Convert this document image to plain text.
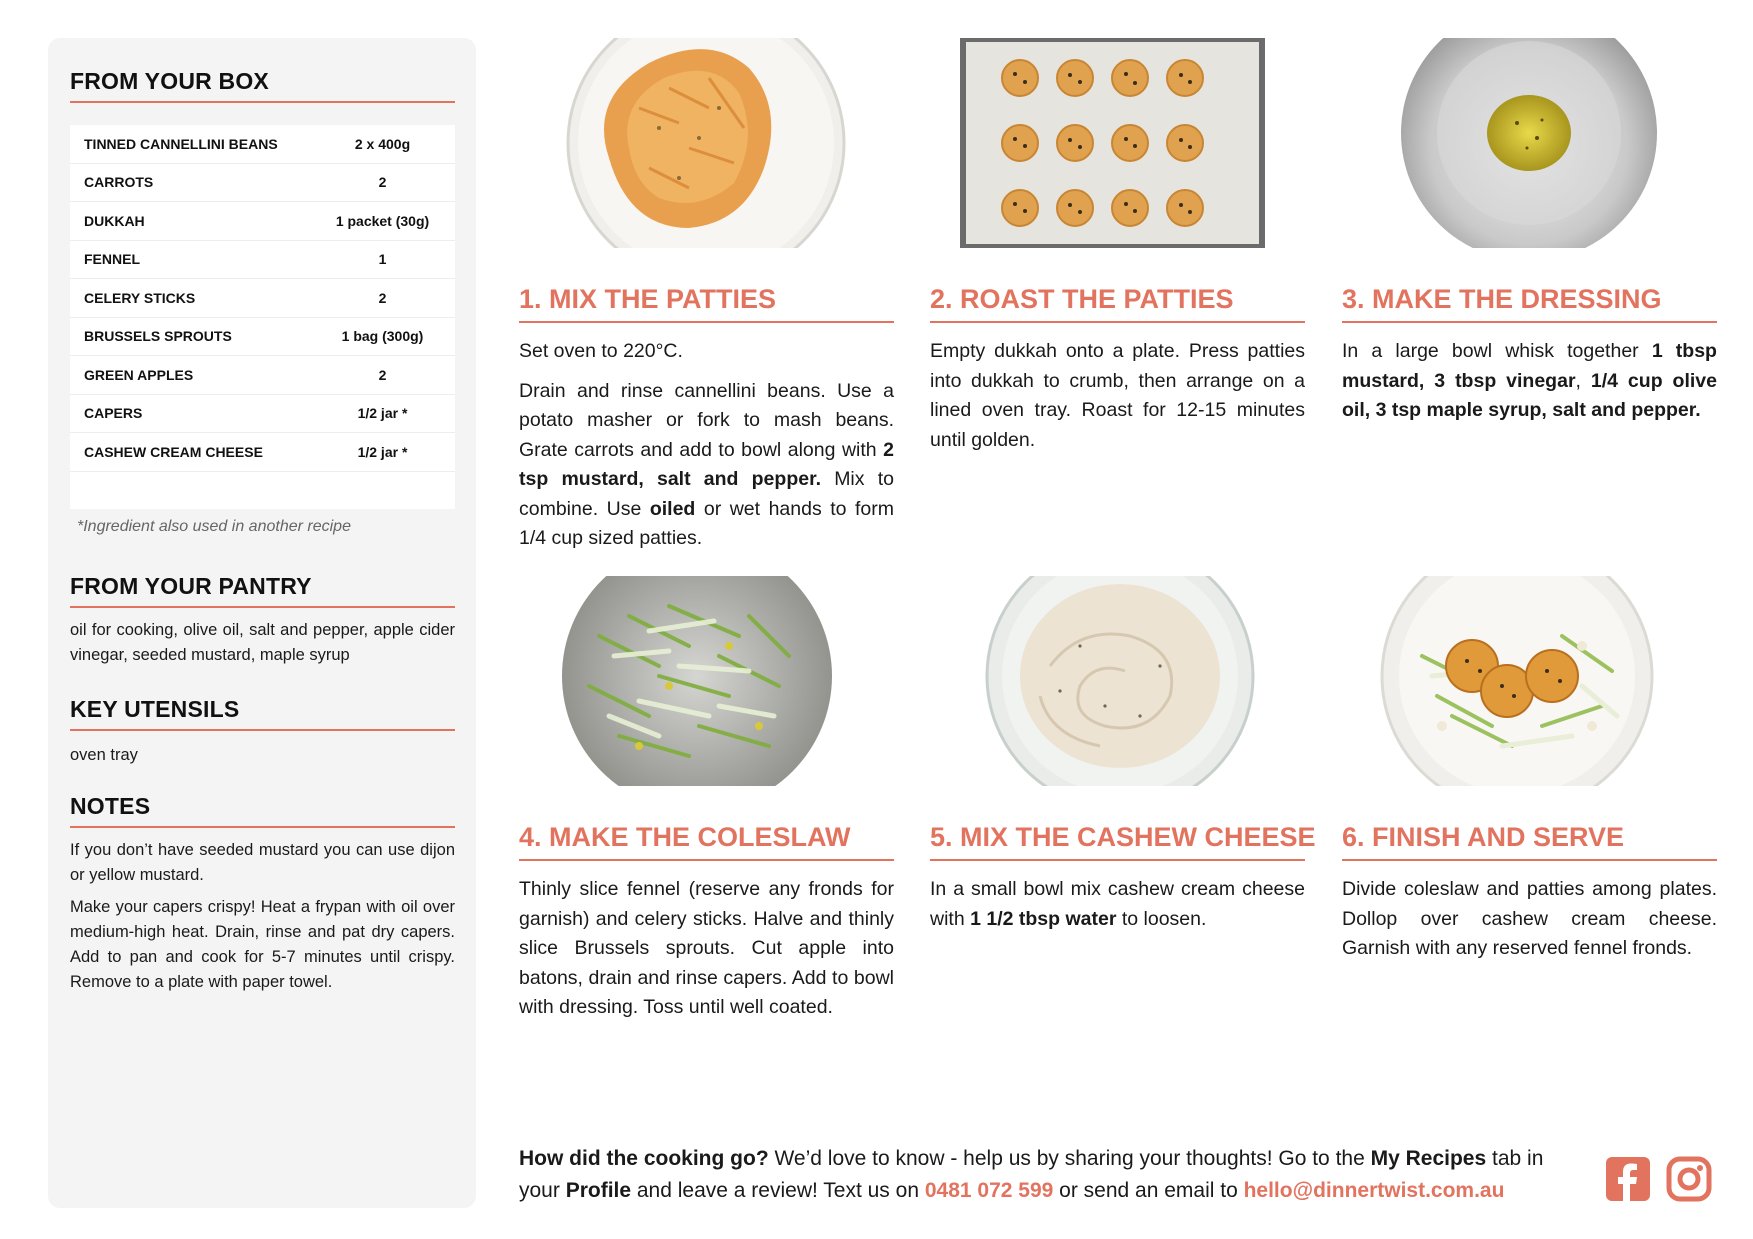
FROM YOUR BOX
TINNED CANNELLINI BEANS	2 x 400g
CARROTS	2
DUKKAH	1 packet (30g)
FENNEL	1
CELERY STICKS	2
BRUSSELS SPROUTS	1 bag (300g)
GREEN APPLES	2
CAPERS	1/2 jar *
CASHEW CREAM CHEESE	1/2 jar *
*Ingredient also used in another recipe
FROM YOUR PANTRY
oil for cooking, olive oil, salt and pepper, apple cider vinegar, seeded mustard, maple syrup
KEY UTENSILS
oven tray
NOTES
If you don’t have seeded mustard you can use dijon or yellow mustard.
Make your capers crispy! Heat a frypan with oil over medium-high heat. Drain, rinse and pat dry capers. Add to pan and cook for 5-7 minutes until crispy. Remove to a plate with paper towel.
1. MIX THE PATTIES

Set oven to 220°C.

Drain and rinse cannellini beans. Use a potato masher or fork to mash beans. Grate carrots and add to bowl along with 2 tsp mustard, salt and pepper. Mix to combine. Use oiled or wet hands to form 1/4 cup sized patties.

2. ROAST THE PATTIES

Empty dukkah onto a plate. Press patties into dukkah to crumb, then arrange on a lined oven tray. Roast for 12-15 minutes until golden.

3. MAKE THE DRESSING

In a large bowl whisk together 1 tbsp mustard, 3 tbsp vinegar, 1/4 cup olive oil, 3 tsp maple syrup, salt and pepper.

4. MAKE THE COLESLAW

Thinly slice fennel (reserve any fronds for garnish) and celery sticks. Halve and thinly slice Brussels sprouts. Cut apple into batons, drain and rinse capers. Add to bowl with dressing. Toss until well coated.

5. MIX THE CASHEW CHEESE

In a small bowl mix cashew cream cheese with 1 1/2 tbsp water to loosen.

6. FINISH AND SERVE

Divide coleslaw and patties among plates. Dollop over cashew cream cheese. Garnish with any reserved fennel fronds.

How did the cooking go? We’d love to know - help us by sharing your thoughts! Go to the My Recipes tab in your Profile and leave a review! Text us on 0481 072 599 or send an email to hello@dinnertwist.com.au
